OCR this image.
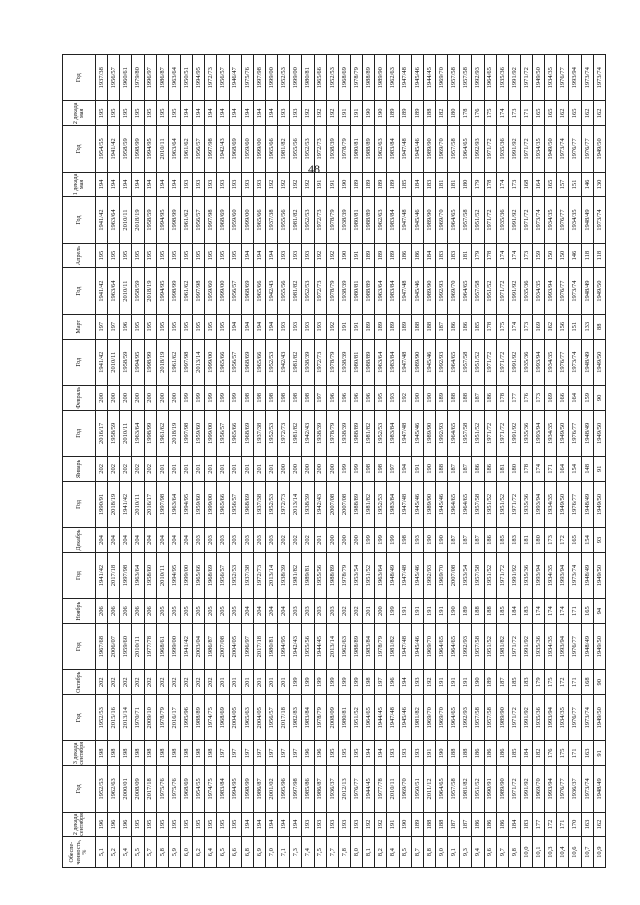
48
Обеспе-ченность, %	2 декада сентября	Год	3 декада сентября	Год	Октябрь	Год	Ноябрь	Год	Декабрь	Год	Январь	Год	Февраль	Год	Март	Год	Апрель	Год	1 декада мая	Год	2 декада мая	Год
5,1	196	1952/53	198	1952/53	202	1967/68	206	1941/42	204	1990/91	202	2016/17	200	1941/42	197	1941/42	195	1941/42	194	1954/55	195	1937/38
5,2	196	1962/63	198	2015/16	202	2006/07	206	2017/18	204	2018/19	202	1958/59	200	2010/11	197	1963/64	195	1963/64	194	1941/42	195	1956/57
5,4	196	2000/01	198	2013/14	202	1959/60	206	1997/98	204	1941/42	202	2010/11	200	1958/59	196	2010/11	195	2010/11	194	1958/59	195	1960/61
5,5	195	2008/09	198	1970/71	202	2010/11	206	1963/64	204	2010/11	202	1963/64	200	1994/95	195	1958/59	195	2018/19	194	1998/99	195	1979/80
5,7	195	2017/18	198	2009/10	202	1977/78	206	1958/60	204	2016/17	202	1998/99	200	1998/99	195	2018/19	195	1958/59	194	1994/95	195	1996/97
5,8	195	1975/76	198	1978/79	202	1968/61	205	2010/11	204	1997/98	201	1961/62	200	2018/19	195	1994/95	195	1994/95	194	2010/11	195	1986/87
5,9	195	1975/76	198	2016/17	202	1999/00	205	1994/95	204	1963/64	201	2018/19	200	1961/62	195	1998/99	195	1998/99	194	1963/64	195	1963/64
6,0	195	1968/69	198	1995/96	202	1941/42	205	1999/00	204	1994/95	201	1997/98	199	1997/98	195	1961/62	195	1961/62	193	1961/62	194	1950/51
6,2	195	1954/55	198	1988/89	202	2003/04	205	1965/66	203	1959/60	201	1959/60	199	2013/14	195	1997/98	195	1956/57	193	1956/57	194	1994/95
6,4	195	1974/75	198	1974/75	202	1986/87	205	1968/69	203	1999/00	201	1999/00	199	1999/00	195	1959/60	195	1997/98	193	1997/98	194	1972/73
6,5	195	1983/84	197	1968/69	201	2007/08	205	1956/57	203	1965/66	201	1956/57	199	1965/66	195	1999/00	195	1968/69	193	1942/43	194	1956/57
6,6	195	1994/95	197	2004/05	201	2004/05	205	1952/53	203	1956/57	201	1965/66	199	1956/57	194	1956/57	195	1959/60	193	1968/69	194	1946/47
6,8	194	1998/99	197	1965/63	201	1996/97	204	1937/38	203	1968/69	201	1968/69	198	1968/69	194	1968/69	194	1999/00	193	1959/60	194	1975/76
6,9	194	1986/87	197	2004/05	201	2017/18	204	1972/73	203	1937/38	201	1937/38	198	1965/66	194	1965/66	194	1965/66	193	1999/00	194	1997/98
7,0	194	2001/02	197	1956/57	201	1980/81	204	2013/14	203	1952/53	201	1952/53	198	1952/53	194	1942/43	194	1937/38	192	1965/66	194	1999/00
7,1	194	1995/96	197	2017/18	201	1994/95	204	1938/39	202	1972/73	200	1972/73	198	1942/43	193	1955/56	193	1955/56	192	1981/82	193	1952/53
7,3	194	1997/98	197	1982/83	199	1942/43	203	1981/82	202	2013/14	200	1981/82	198	1981/82	193	1981/82	193	1981/82	192	1955/56	193	1999/00
7,4	193	1985/86	196	1983/84	199	1955/56	203	1989/81	202	1938/39	200	1942/43	198	1938/39	193	1952/53	193	1952/53	192	1952/53	192	1980/81
7,5	193	1986/87	196	1978/79	199	1944/45	203	1955/56	201	1942/43	200	1938/39	197	1972/73	193	1972/73	192	1972/73	191	1972/73	192	1965/66
7,7	193	1936/37	195	2008/09	199	2013/14	203	1988/89	200	2007/08	200	1978/79	196	1978/79	192	1978/79	192	1978/79	191	1938/39	192	1952/53
7,8	193	2012/13	195	1980/81	199	1962/63	202	1978/79	200	2007/08	199	1938/39	196	1938/39	191	1938/39	190	1938/39	190	1978/79	191	1968/69
8,0	193	1976/77	195	1951/52	199	1988/89	202	1953/54	200	1988/89	199	1988/89	196	1980/81	191	1980/81	191	1980/81	189	1980/81	191	1978/79
8,1	192	1944/45	194	1964/65	198	1983/84	201	1951/52	199	1981/82	198	1981/82	196	1988/89	189	1988/89	189	1988/89	189	1988/89	190	1988/89
8,2	192	1977/78	194	1944/45	197	1978/79	200	1963/64	199	1952/53	198	1952/53	195	1963/64	189	1963/64	189	1962/63	189	1962/63	190	1989/90
8,4	191	2010/11	193	1947/48	196	1981/82	199	1948/49	199	1983/84	197	1983/84	193	1983/84	189	1983/84	189	1983/84	189	1983/84	189	1962/63
8,5	190	1969/70	193	1945/46	194	1947/48	191	1947/48	198	1947/48	194	1947/48	192	1947/48	189	1947/48	186	1947/48	185	1947/48	189	1947/48
8,7	189	1950/51	193	1981/82	193	1945/46	191	1945/46	193	1945/46	191	1945/46	190	1989/90	188	1945/46	186	1945/46	184	1945/46	189	1945/46
8,8	188	2011/12	191	1969/70	192	1969/70	191	1992/93	190	1989/90	190	1989/90	190	1945/46	188	1989/90	184	1989/90	183	1989/90	188	1944/45
9,0	188	1964/65	190	1969/70	191	1964/65	191	1969/70	190	1945/46	188	1992/93	189	1992/93	187	1992/93	183	1969/70	181	1969/70	182	1969/70
9,1	187	1957/58	188	1964/65	191	1964/65	190	2007/08	187	1964/65	187	1964/65	188	1964/65	186	1969/70	183	1964/65	181	1957/58	180	1957/58
9,3	187	1981/82	188	1992/93	191	1992/93	189	1953/54	187	1964/65	187	1957/58	188	1957/58	186	1964/65	181	1957/58	180	1964/65	178	1957/58
9,4	186	1951/52	186	1957/58	190	1957/58	188	1957/58	187	1957/58	186	1951/52	187	1951/52	185	1957/58	179	1951/52	179	1992/93	176	1992/93
9,6	186	1990/91	186	1957/58	189	1951/52	188	1951/52	186	1951/52	186	1971/72	186	1971/72	178	1951/52	178	1971/72	178	1971/72	175	1964/65
9,7	186	1989/90	186	1989/90	187	1981/82	185	1971/72	185	1951/52	181	1971/72	178	1971/72	175	1971/72	174	1935/36	174	1935/36	174	1935/36
9,8	184	1971/72	185	1971/72	185	1971/72	184	1991/92	183	1971/72	180	1991/92	177	1991/92	174	1991/92	174	1991/92	173	1991/92	173	1991/92
10,0	183	1991/92	184	1991/92	183	1991/92	183	1935/36	181	1935/36	178	1935/36	176	1935/36	173	1935/36	173	1971/72	168	1971/72	171	1971/72
10,1	177	1969/70	182	1935/36	179	1935/36	174	1993/94	180	1993/94	174	1993/94	173	1993/94	169	1934/35	159	1973/74	164	1934/35	165	1949/50
10,3	172	1993/94	176	1993/94	175	1934/35	174	1934/35	173	1934/35	171	1934/35	169	1934/35	162	1993/94	150	1934/35	165	1949/50	165	1934/35
10,4	171	1976/77	175	1934/35	172	1993/94	174	1993/94	172	1949/50	164	1949/50	166	1976/77	156	1976/77	150	1976/77	157	1973/74	162	1976/77
10,6	170	1936/37	171	1976/77	171	1976/77	171	1973/74	165	1976/77	154	1976/77	164	1973/74	151	1973/74	146	1934/35	151	1976/77	165	1993/94
10,7	163	1973/74	163	1973/74	168	1948/49	165	1948/49	154	1948/49	148	1948/49	159	1948/49	133	1948/49	118	1948/49	146	1976/77	162	1973/74
10,9	162	1948/49	91	1949/50	90	1949/50	94	1949/50	93	1949/50	91	1949/50	90	1949/50	88	1949/50	118	1973/74	130	1949/50	162	1973/74
